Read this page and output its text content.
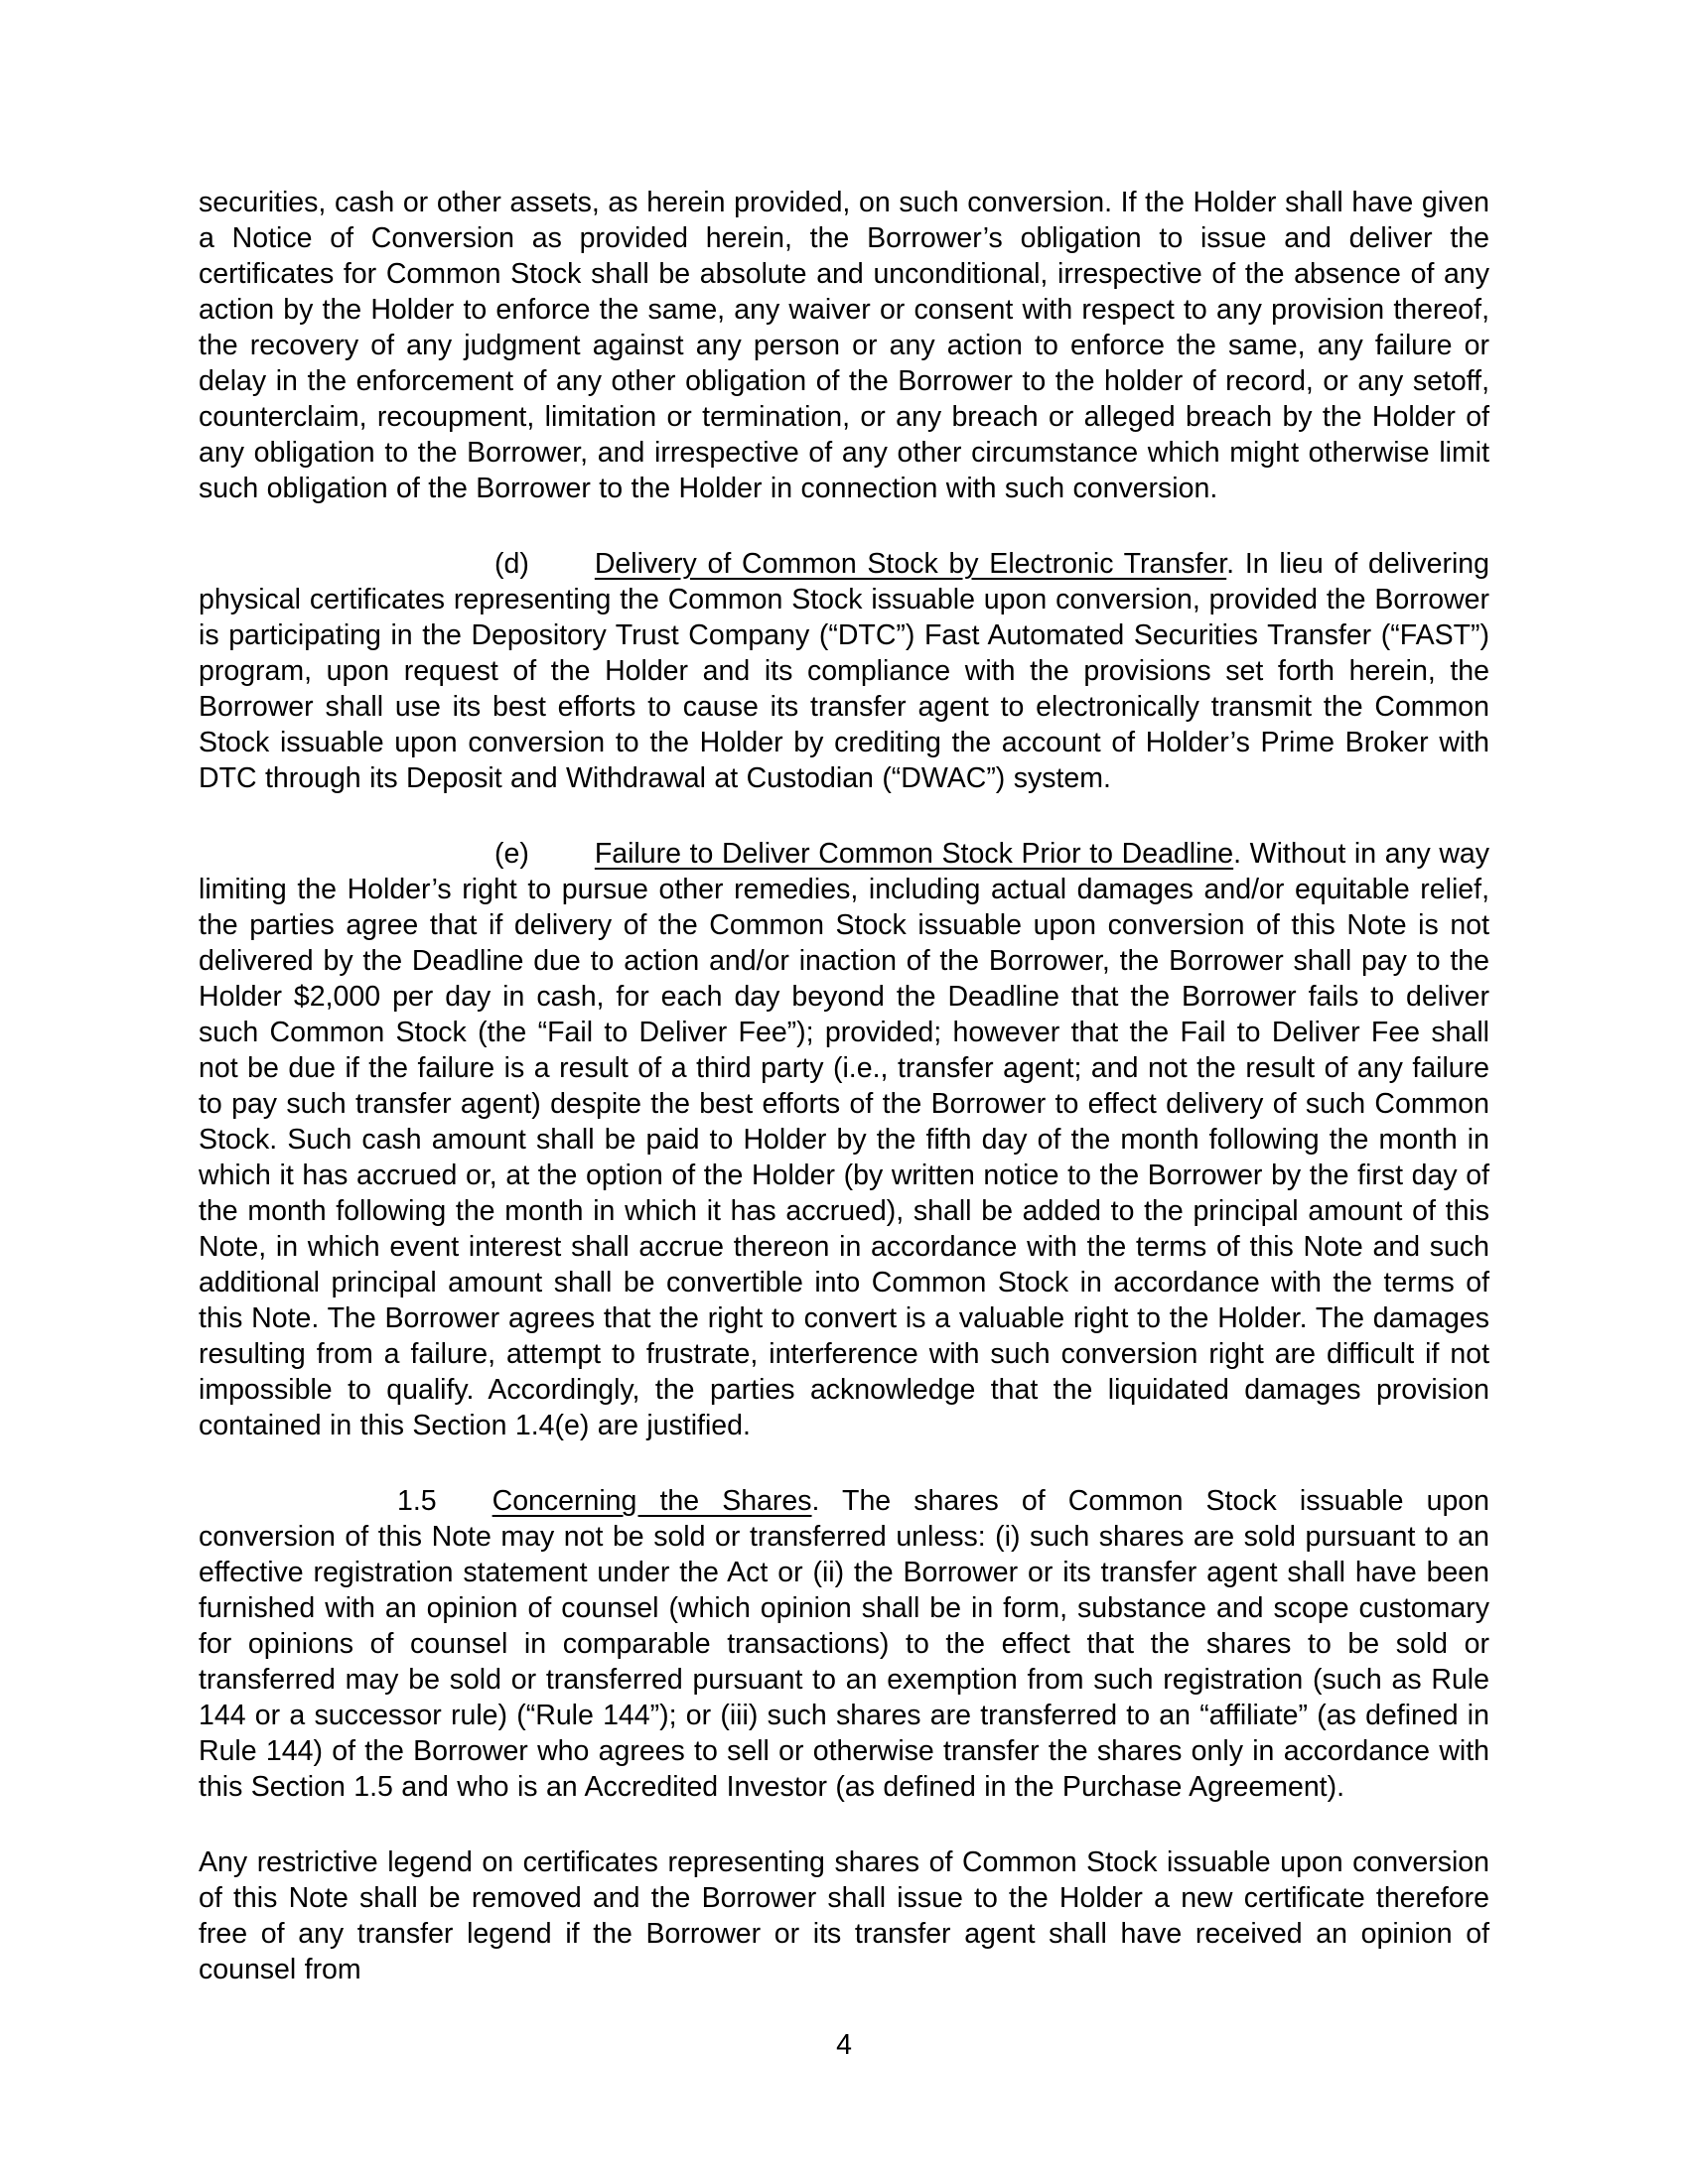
securities, cash or other assets, as herein provided, on such conversion. If the Holder shall have given a Notice of Conversion as provided herein, the Borrower’s obligation to issue and deliver the certificates for Common Stock shall be absolute and unconditional, irrespective of the absence of any action by the Holder to enforce the same, any waiver or consent with respect to any provision thereof, the recovery of any judgment against any person or any action to enforce the same, any failure or delay in the enforcement of any other obligation of the Borrower to the holder of record, or any setoff, counterclaim, recoupment, limitation or termination, or any breach or alleged breach by the Holder of any obligation to the Borrower, and irrespective of any other circumstance which might otherwise limit such obligation of the Borrower to the Holder in connection with such conversion.

(d) Delivery of Common Stock by Electronic Transfer. In lieu of delivering physical certificates representing the Common Stock issuable upon conversion, provided the Borrower is participating in the Depository Trust Company (“DTC”) Fast Automated Securities Transfer (“FAST”) program, upon request of the Holder and its compliance with the provisions set forth herein, the Borrower shall use its best efforts to cause its transfer agent to electronically transmit the Common Stock issuable upon conversion to the Holder by crediting the account of Holder’s Prime Broker with DTC through its Deposit and Withdrawal at Custodian (“DWAC”) system.

(e) Failure to Deliver Common Stock Prior to Deadline. Without in any way limiting the Holder’s right to pursue other remedies, including actual damages and/or equitable relief, the parties agree that if delivery of the Common Stock issuable upon conversion of this Note is not delivered by the Deadline due to action and/or inaction of the Borrower, the Borrower shall pay to the Holder $2,000 per day in cash, for each day beyond the Deadline that the Borrower fails to deliver such Common Stock (the “Fail to Deliver Fee”); provided; however that the Fail to Deliver Fee shall not be due if the failure is a result of a third party (i.e., transfer agent; and not the result of any failure to pay such transfer agent) despite the best efforts of the Borrower to effect delivery of such Common Stock. Such cash amount shall be paid to Holder by the fifth day of the month following the month in which it has accrued or, at the option of the Holder (by written notice to the Borrower by the first day of the month following the month in which it has accrued), shall be added to the principal amount of this Note, in which event interest shall accrue thereon in accordance with the terms of this Note and such additional principal amount shall be convertible into Common Stock in accordance with the terms of this Note. The Borrower agrees that the right to convert is a valuable right to the Holder. The damages resulting from a failure, attempt to frustrate, interference with such conversion right are difficult if not impossible to qualify. Accordingly, the parties acknowledge that the liquidated damages provision contained in this Section 1.4(e) are justified.

1.5 Concerning the Shares. The shares of Common Stock issuable upon conversion of this Note may not be sold or transferred unless: (i) such shares are sold pursuant to an effective registration statement under the Act or (ii) the Borrower or its transfer agent shall have been furnished with an opinion of counsel (which opinion shall be in form, substance and scope customary for opinions of counsel in comparable transactions) to the effect that the shares to be sold or transferred may be sold or transferred pursuant to an exemption from such registration (such as Rule 144 or a successor rule) (“Rule 144”); or (iii) such shares are transferred to an “affiliate” (as defined in Rule 144) of the Borrower who agrees to sell or otherwise transfer the shares only in accordance with this Section 1.5 and who is an Accredited Investor (as defined in the Purchase Agreement).

Any restrictive legend on certificates representing shares of Common Stock issuable upon conversion of this Note shall be removed and the Borrower shall issue to the Holder a new certificate therefore free of any transfer legend if the Borrower or its transfer agent shall have received an opinion of counsel from

4
